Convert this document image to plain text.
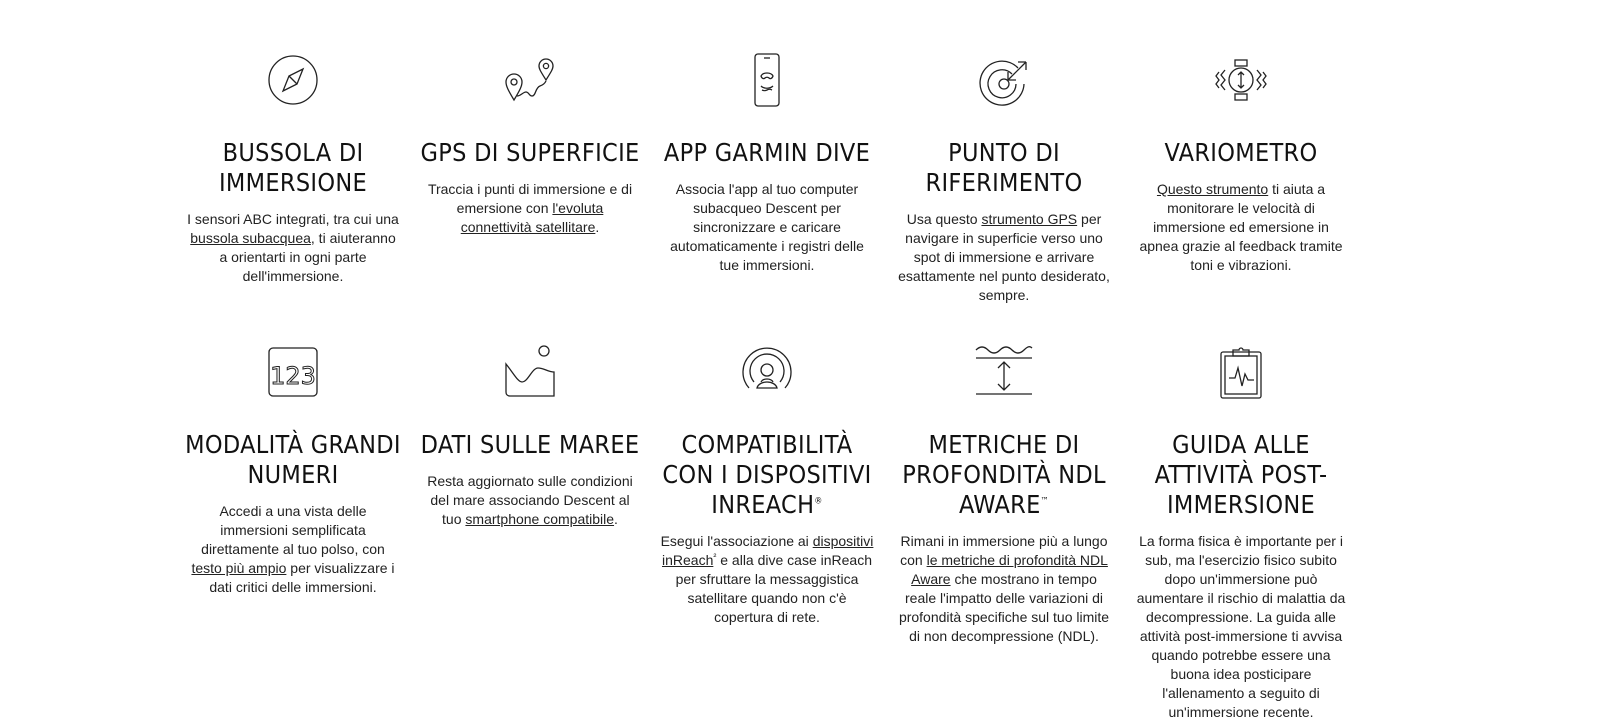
BUSSOLA DI IMMERSIONE

I sensori ABC integrati, tra cui una bussola subacquea, ti aiuteranno a orientarti in ogni parte dell'immersione.

GPS DI SUPERFICIE

Traccia i punti di immersione e di emersione con l'evoluta connettività satellitare.

APP GARMIN DIVE

Associa l'app al tuo computer subacqueo Descent per sincronizzare e caricare automaticamente i registri delle tue immersioni.

PUNTO DI RIFERIMENTO

Usa questo strumento GPS per navigare in superficie verso uno spot di immersione e arrivare esattamente nel punto desiderato, sempre.

VARIOMETRO

Questo strumento ti aiuta a monitorare le velocità di immersione ed emersione in apnea grazie al feedback tramite toni e vibrazioni.

123
MODALITÀ GRANDI NUMERI

Accedi a una vista delle immersioni semplificata direttamente al tuo polso, con testo più ampio per visualizzare i dati critici delle immersioni.

DATI SULLE MAREE

Resta aggiornato sulle condizioni del mare associando Descent al tuo smartphone compatibile.

COMPATIBILITÀ CON I DISPOSITIVI INREACH®

Esegui l'associazione ai dispositivi inReach$^{^2}$ e alla dive case inReach per sfruttare la messaggistica satellitare quando non c'è copertura di rete.

METRICHE DI PROFONDITÀ NDL AWARE™

Rimani in immersione più a lungo con le metriche di profondità NDL Aware che mostrano in tempo reale l'impatto delle variazioni di profondità specifiche sul tuo limite di non decompressione (NDL).

GUIDA ALLE ATTIVITÀ POST-IMMERSIONE

La forma fisica è importante per i sub, ma l'esercizio fisico subito dopo un'immersione può aumentare il rischio di malattia da decompressione. La guida alle attività post-immersione ti avvisa quando potrebbe essere una buona idea posticipare l'allenamento a seguito di un'immersione recente.
